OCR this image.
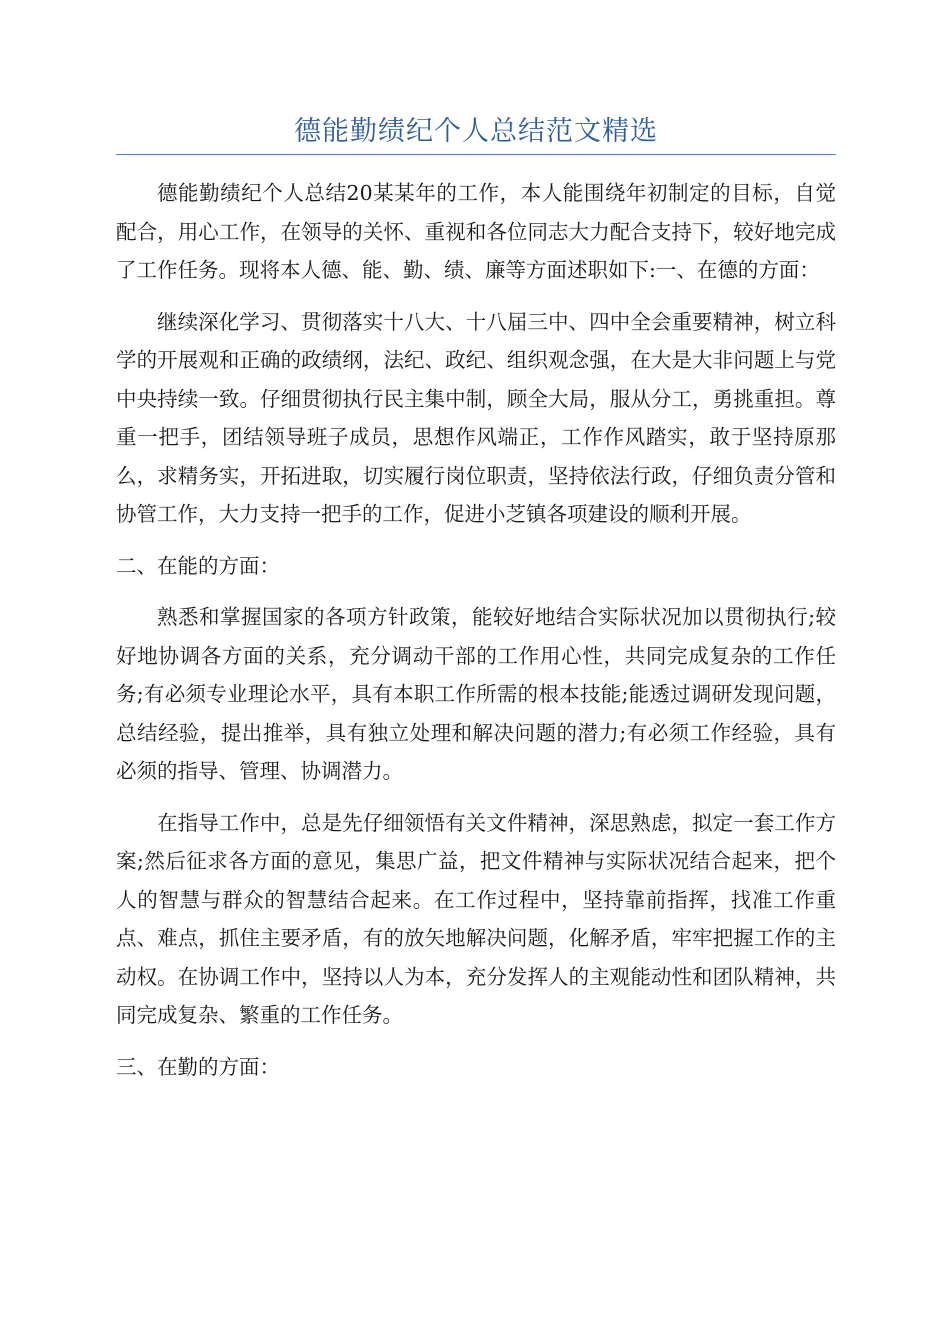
德能勤绩纪个人总结范文精选

德能勤绩纪个人总结20某某年的工作，本人能围绕年初制定的目标，自觉配合，用心工作，在领导的关怀、重视和各位同志大力配合支持下，较好地完成了工作任务。现将本人德、能、勤、绩、廉等方面述职如下:一、在德的方面：

继续深化学习、贯彻落实十八大、十八届三中、四中全会重要精神，树立科学的开展观和正确的政绩纲，法纪、政纪、组织观念强，在大是大非问题上与党中央持续一致。仔细贯彻执行民主集中制，顾全大局，服从分工，勇挑重担。尊重一把手，团结领导班子成员，思想作风端正，工作作风踏实，敢于坚持原那么，求精务实，开拓进取，切实履行岗位职责，坚持依法行政，仔细负责分管和协管工作，大力支持一把手的工作，促进小芝镇各项建设的顺利开展。

二、在能的方面：

熟悉和掌握国家的各项方针政策，能较好地结合实际状况加以贯彻执行;较好地协调各方面的关系，充分调动干部的工作用心性，共同完成复杂的工作任务;有必须专业理论水平，具有本职工作所需的根本技能;能透过调研发现问题，总结经验，提出推举，具有独立处理和解决问题的潜力;有必须工作经验，具有必须的指导、管理、协调潜力。

在指导工作中，总是先仔细领悟有关文件精神，深思熟虑，拟定一套工作方案;然后征求各方面的意见，集思广益，把文件精神与实际状况结合起来，把个人的智慧与群众的智慧结合起来。在工作过程中，坚持靠前指挥，找准工作重点、难点，抓住主要矛盾，有的放矢地解决问题，化解矛盾，牢牢把握工作的主动权。在协调工作中，坚持以人为本，充分发挥人的主观能动性和团队精神，共同完成复杂、繁重的工作任务。

三、在勤的方面：
